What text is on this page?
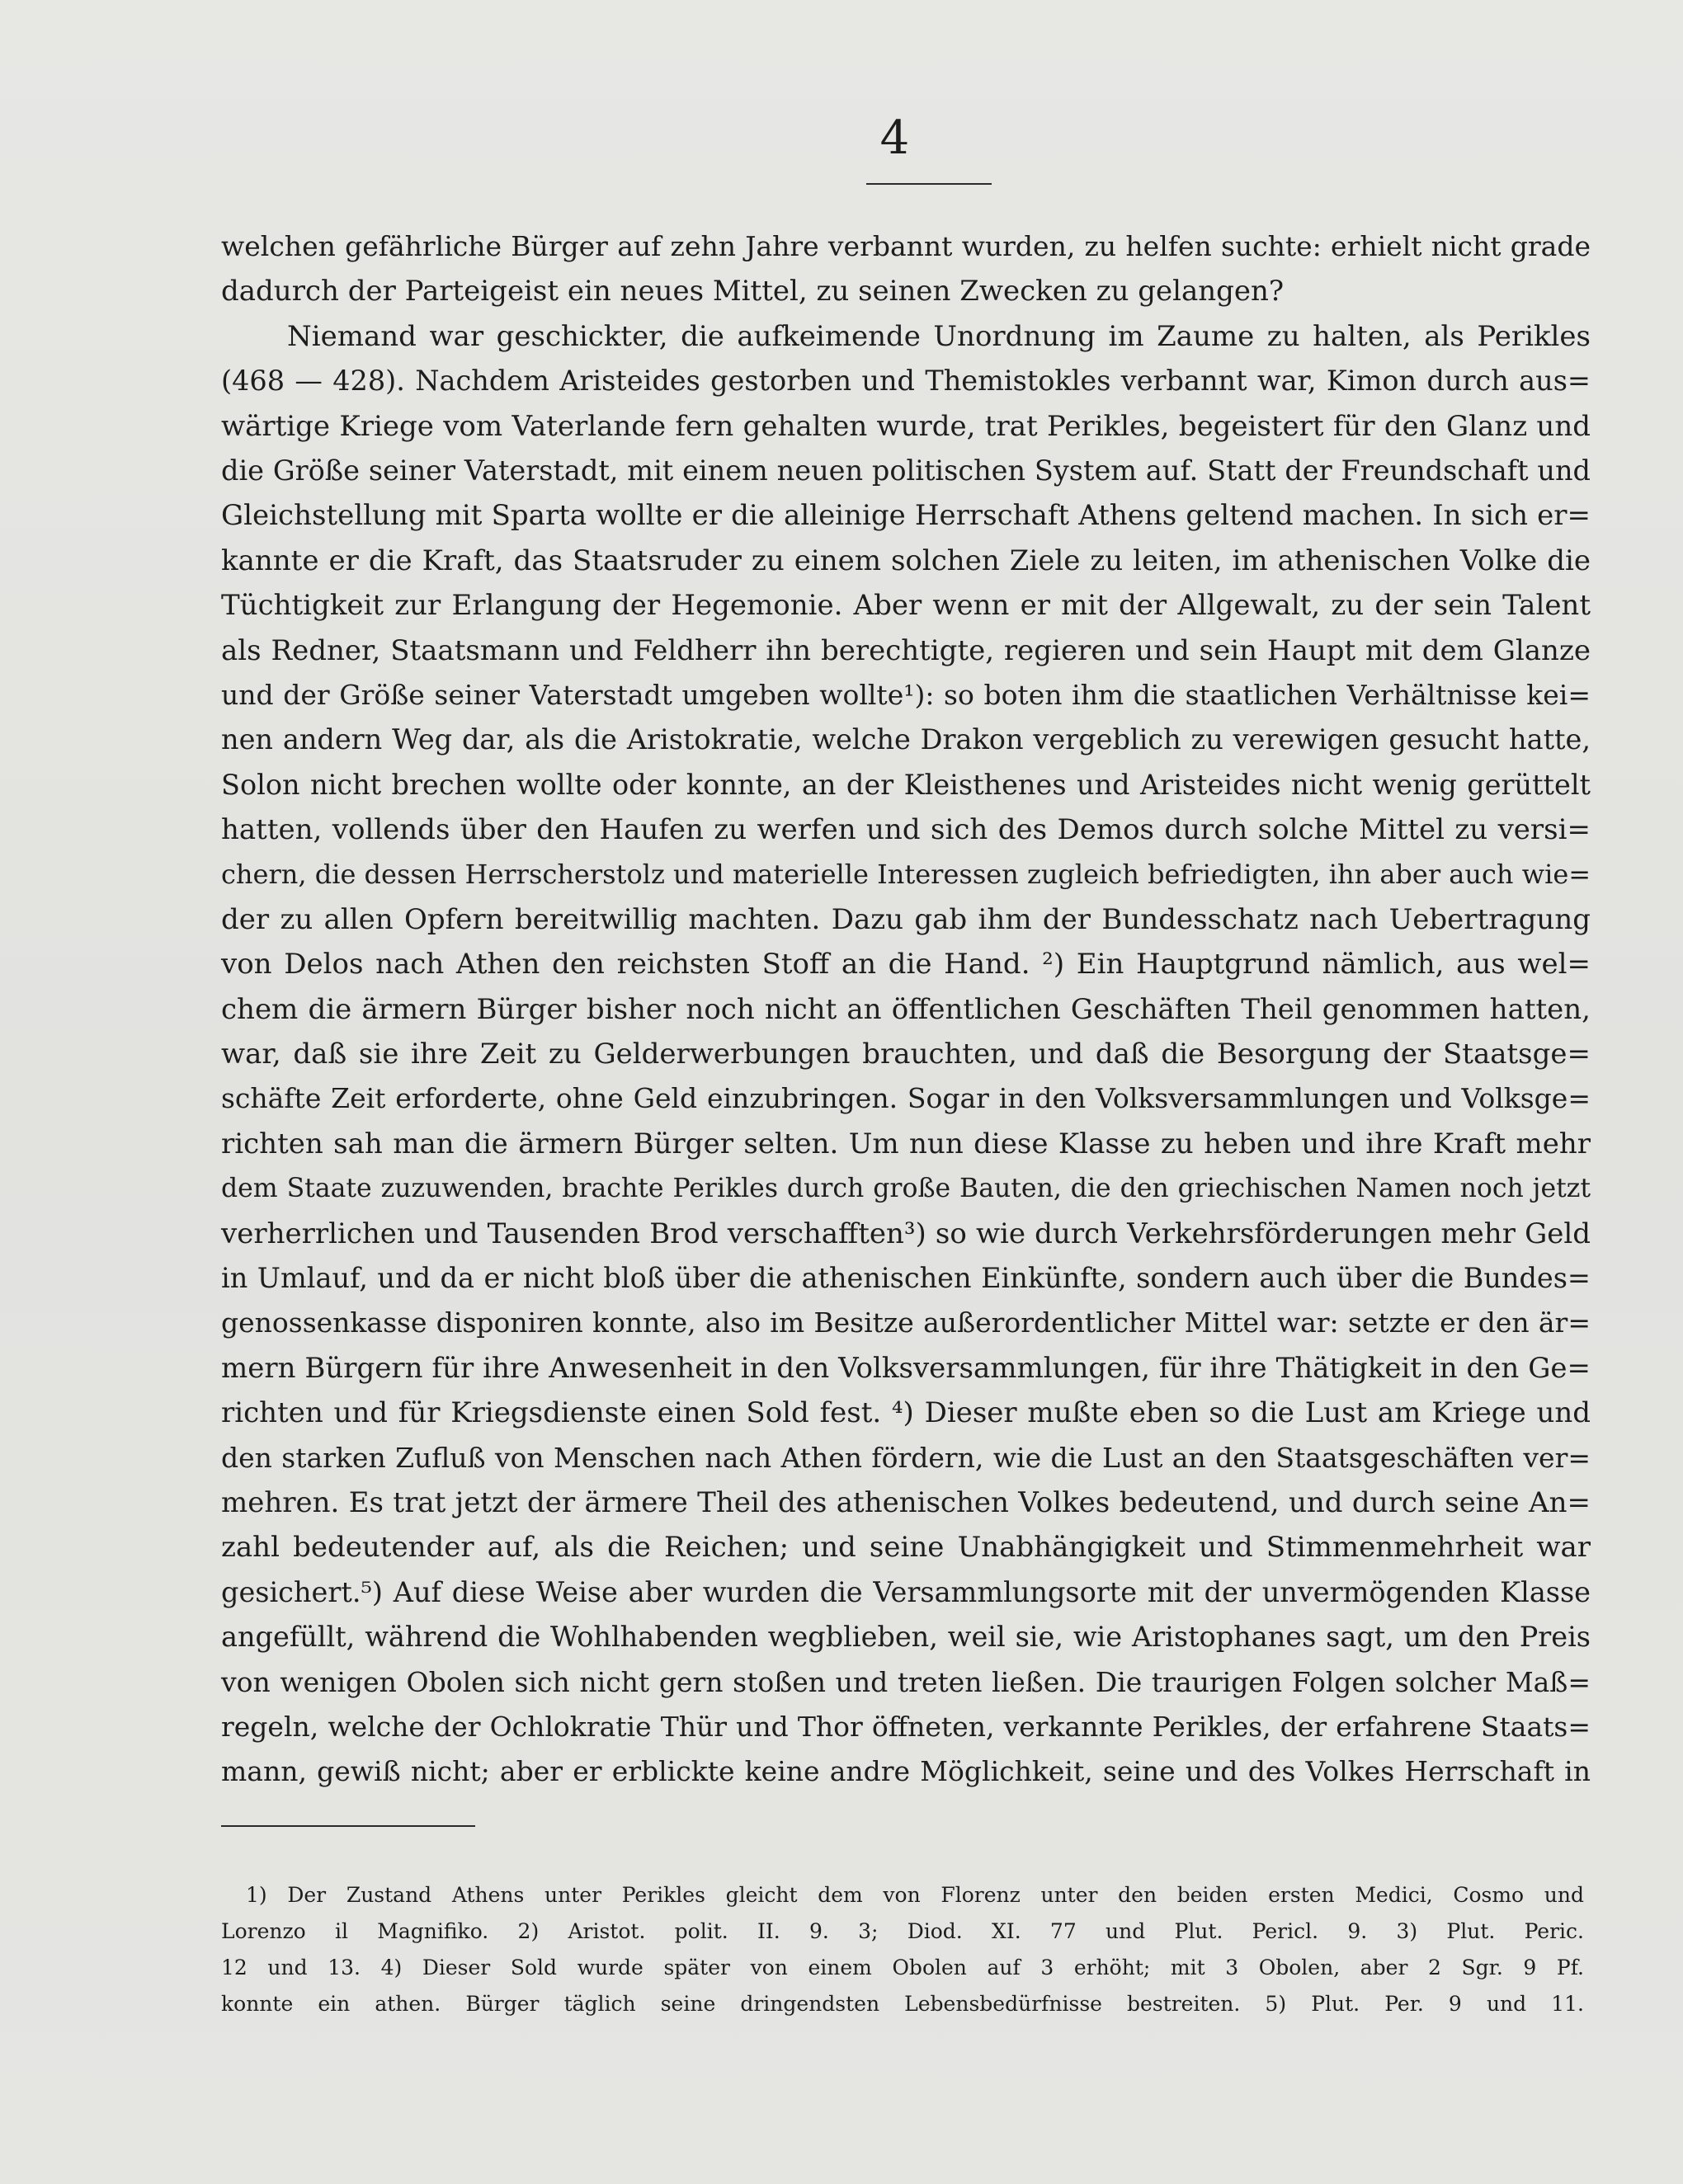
4
welchen gefährliche Bürger auf zehn Jahre verbannt wurden, zu helfen suchte: erhielt nicht grade
dadurch der Parteigeist ein neues Mittel, zu seinen Zwecken zu gelangen?
Niemand war geschickter, die aufkeimende Unordnung im Zaume zu halten, als Perikles
(468 — 428). Nachdem Aristeides gestorben und Themistokles verbannt war, Kimon durch aus=
wärtige Kriege vom Vaterlande fern gehalten wurde, trat Perikles, begeistert für den Glanz und
die Größe seiner Vaterstadt, mit einem neuen politischen System auf. Statt der Freundschaft und
Gleichstellung mit Sparta wollte er die alleinige Herrschaft Athens geltend machen. In sich er=
kannte er die Kraft, das Staatsruder zu einem solchen Ziele zu leiten, im athenischen Volke die
Tüchtigkeit zur Erlangung der Hegemonie. Aber wenn er mit der Allgewalt, zu der sein Talent
als Redner, Staatsmann und Feldherr ihn berechtigte, regieren und sein Haupt mit dem Glanze
und der Größe seiner Vaterstadt umgeben wollte¹): so boten ihm die staatlichen Verhältnisse kei=
nen andern Weg dar, als die Aristokratie, welche Drakon vergeblich zu verewigen gesucht hatte,
Solon nicht brechen wollte oder konnte, an der Kleisthenes und Aristeides nicht wenig gerüttelt
hatten, vollends über den Haufen zu werfen und sich des Demos durch solche Mittel zu versi=
chern, die dessen Herrscherstolz und materielle Interessen zugleich befriedigten, ihn aber auch wie=
der zu allen Opfern bereitwillig machten. Dazu gab ihm der Bundesschatz nach Uebertragung
von Delos nach Athen den reichsten Stoff an die Hand. ²) Ein Hauptgrund nämlich, aus wel=
chem die ärmern Bürger bisher noch nicht an öffentlichen Geschäften Theil genommen hatten,
war, daß sie ihre Zeit zu Gelderwerbungen brauchten, und daß die Besorgung der Staatsge=
schäfte Zeit erforderte, ohne Geld einzubringen. Sogar in den Volksversammlungen und Volksge=
richten sah man die ärmern Bürger selten. Um nun diese Klasse zu heben und ihre Kraft mehr
dem Staate zuzuwenden, brachte Perikles durch große Bauten, die den griechischen Namen noch jetzt
verherrlichen und Tausenden Brod verschafften³) so wie durch Verkehrsförderungen mehr Geld
in Umlauf, und da er nicht bloß über die athenischen Einkünfte, sondern auch über die Bundes=
genossenkasse disponiren konnte, also im Besitze außerordentlicher Mittel war: setzte er den är=
mern Bürgern für ihre Anwesenheit in den Volksversammlungen, für ihre Thätigkeit in den Ge=
richten und für Kriegsdienste einen Sold fest. ⁴) Dieser mußte eben so die Lust am Kriege und
den starken Zufluß von Menschen nach Athen fördern, wie die Lust an den Staatsgeschäften ver=
mehren. Es trat jetzt der ärmere Theil des athenischen Volkes bedeutend, und durch seine An=
zahl bedeutender auf, als die Reichen; und seine Unabhängigkeit und Stimmenmehrheit war
gesichert.⁵) Auf diese Weise aber wurden die Versammlungsorte mit der unvermögenden Klasse
angefüllt, während die Wohlhabenden wegblieben, weil sie, wie Aristophanes sagt, um den Preis
von wenigen Obolen sich nicht gern stoßen und treten ließen. Die traurigen Folgen solcher Maß=
regeln, welche der Ochlokratie Thür und Thor öffneten, verkannte Perikles, der erfahrene Staats=
mann, gewiß nicht; aber er erblickte keine andre Möglichkeit, seine und des Volkes Herrschaft in
1) Der Zustand Athens unter Perikles gleicht dem von Florenz unter den beiden ersten Medici, Cosmo und
Lorenzo il Magnifiko. 2) Aristot. polit. II. 9. 3; Diod. XI. 77 und Plut. Pericl. 9. 3) Plut. Peric.
12 und 13. 4) Dieser Sold wurde später von einem Obolen auf 3 erhöht; mit 3 Obolen, aber 2 Sgr. 9 Pf.
konnte ein athen. Bürger täglich seine dringendsten Lebensbedürfnisse bestreiten. 5) Plut. Per. 9 und 11.
